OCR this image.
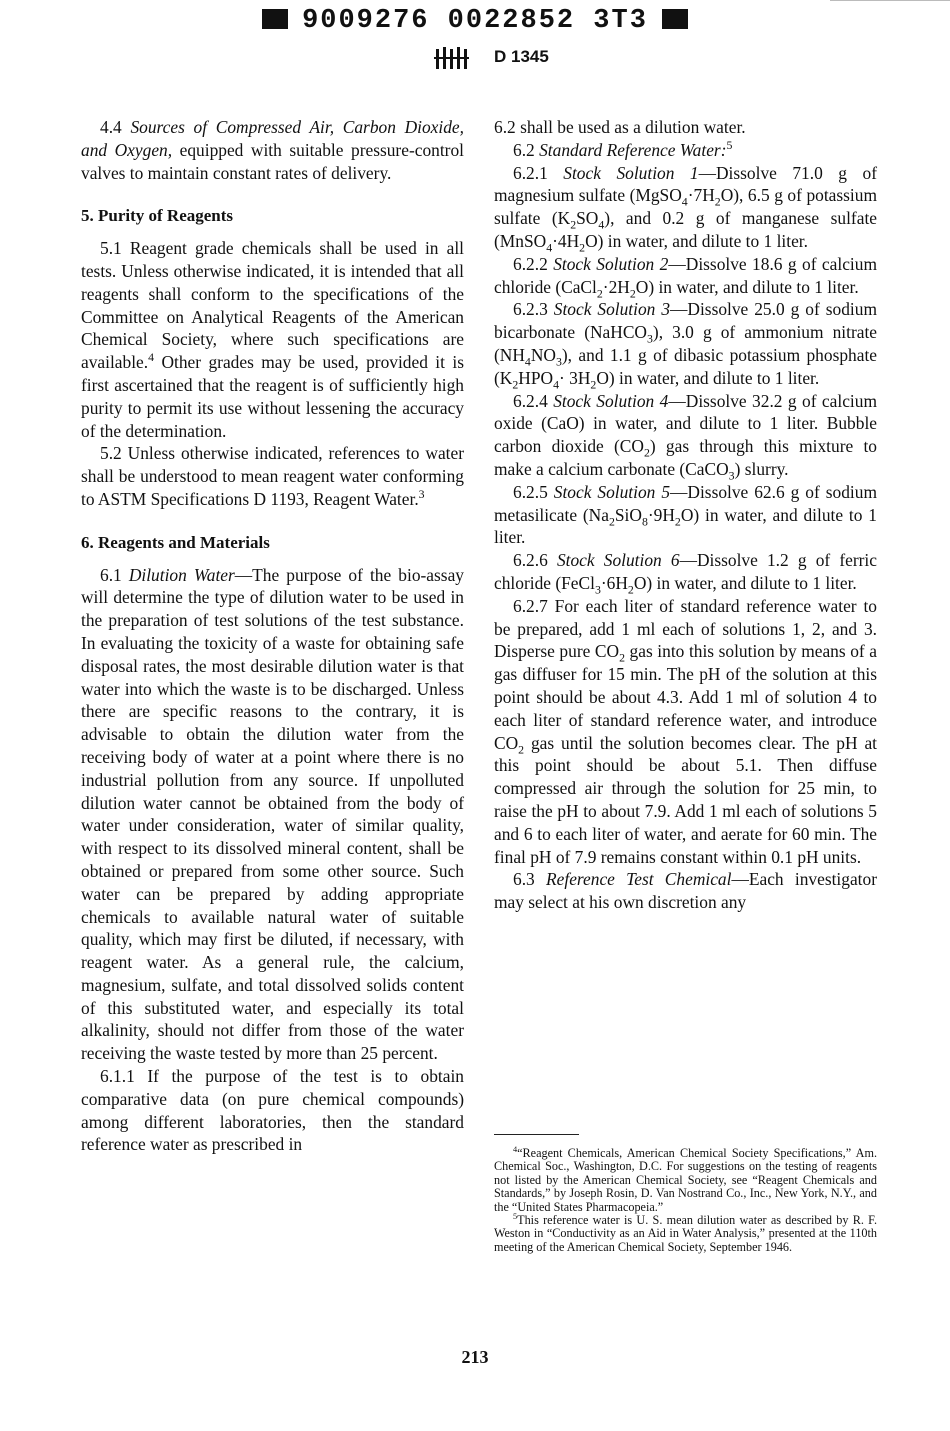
9009276 0022852 3T3
D 1345

4.4 Sources of Compressed Air, Carbon Dioxide, and Oxygen, equipped with suitable pressure-control valves to maintain constant rates of delivery.

5. Purity of Reagents

5.1 Reagent grade chemicals shall be used in all tests. Unless otherwise indicated, it is intended that all reagents shall conform to the specifications of the Committee on Analytical Reagents of the American Chemical Society, where such specifications are available.$^4$ Other grades may be used, provided it is first ascertained that the reagent is of sufficiently high purity to permit its use without lessening the accuracy of the determination.

5.2 Unless otherwise indicated, references to water shall be understood to mean reagent water conforming to ASTM Specifications D 1193, Reagent Water.$^3$

6. Reagents and Materials

6.1 Dilution Water—The purpose of the bio-assay will determine the type of dilution water to be used in the preparation of test solutions of the test substance. In evaluating the toxicity of a waste for obtaining safe disposal rates, the most desirable dilution water is that water into which the waste is to be discharged. Unless there are specific reasons to the contrary, it is advisable to obtain the dilution water from the receiving body of water at a point where there is no industrial pollution from any source. If unpolluted dilution water cannot be obtained from the body of water under consideration, water of similar quality, with respect to its dissolved mineral content, shall be obtained or prepared from some other source. Such water can be prepared by adding appropriate chemicals to available natural water of suitable quality, which may first be diluted, if necessary, with reagent water. As a general rule, the calcium, magnesium, sulfate, and total dissolved solids content of this substituted water, and especially its total alkalinity, should not differ from those of the water receiving the waste tested by more than 25 percent.

6.1.1 If the purpose of the test is to obtain comparative data (on pure chemical compounds) among different laboratories, then the standard reference water as prescribed in

6.2 shall be used as a dilution water.

6.2 Standard Reference Water:$^5$

6.2.1 Stock Solution 1—Dissolve 71.0 g of magnesium sulfate $(MgSO_4\cdot 7H_2O)$, 6.5 g of potassium sulfate $(K_2SO_4)$, and 0.2 g of manganese sulfate $(MnSO_4\cdot 4H_2O)$ in water, and dilute to 1 liter.

6.2.2 Stock Solution 2—Dissolve 18.6 g of calcium chloride $(CaCl_2\cdot 2H_2O)$ in water, and dilute to 1 liter.

6.2.3 Stock Solution 3—Dissolve 25.0 g of sodium bicarbonate (NaHCO$_3$), 3.0 g of ammonium nitrate $(NH_4NO_3)$, and 1.1 g of dibasic potassium phosphate $(K_2HPO_4\cdot 3H_2O)$ in water, and dilute to 1 liter.

6.2.4 Stock Solution 4—Dissolve 32.2 g of calcium oxide (CaO) in water, and dilute to 1 liter. Bubble carbon dioxide $(CO_2)$ gas through this mixture to make a calcium carbonate (CaCO$_3$) slurry.

6.2.5 Stock Solution 5—Dissolve 62.6 g of sodium metasilicate $(Na_2SiO_8\cdot 9H_2O)$ in water, and dilute to 1 liter.

6.2.6 Stock Solution 6—Dissolve 1.2 g of ferric chloride $(FeCl_3\cdot 6H_2O)$ in water, and dilute to 1 liter.

6.2.7 For each liter of standard reference water to be prepared, add 1 ml each of solutions 1, 2, and 3. Disperse pure $CO_2$ gas into this solution by means of a gas diffuser for 15 min. The pH of the solution at this point should be about 4.3. Add 1 ml of solution 4 to each liter of standard reference water, and introduce $CO_2$ gas until the solution becomes clear. The pH at this point should be about 5.1. Then diffuse compressed air through the solution for 25 min, to raise the pH to about 7.9. Add 1 ml each of solutions 5 and 6 to each liter of water, and aerate for 60 min. The final pH of 7.9 remains constant within 0.1 pH units.

6.3 Reference Test Chemical—Each investigator may select at his own discretion any

$^4$“Reagent Chemicals, American Chemical Society Specifications,” Am. Chemical Soc., Washington, D.C. For suggestions on the testing of reagents not listed by the American Chemical Society, see “Reagent Chemicals and Standards,” by Joseph Rosin, D. Van Nostrand Co., Inc., New York, N.Y., and the “United States Pharmacopeia.”

$^5$This reference water is U. S. mean dilution water as described by R. F. Weston in “Conductivity as an Aid in Water Analysis,” presented at the 110th meeting of the American Chemical Society, September 1946.

213
